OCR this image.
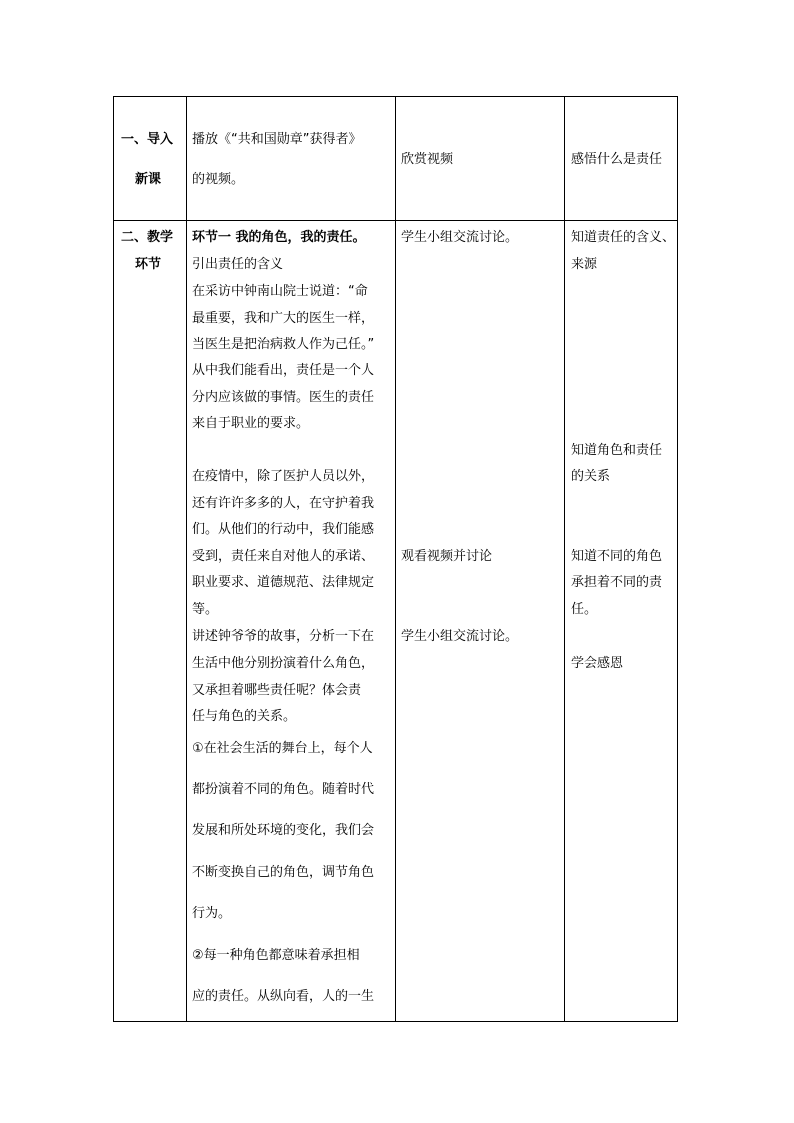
一、导入
新课
播放《“共和国勋章”获得者》
的视频。
欣赏视频	感悟什么是责任
二、教学
环节
环节一 我的角色，我的责任。
引出责任的含义
在采访中钟南山院士说道：“命
最重要，我和广大的医生一样，
当医生是把治病救人作为己任。”
从中我们能看出，责任是一个人
分内应该做的事情。医生的责任
来自于职业的要求。
在疫情中，除了医护人员以外，
还有许许多多的人，在守护着我
们。从他们的行动中，我们能感
受到，责任来自对他人的承诺、
职业要求、道德规范、法律规定
等。
讲述钟爷爷的故事，分析一下在
生活中他分别扮演着什么角色，
又承担着哪些责任呢？体会责
任与角色的关系。
①在社会生活的舞台上，每个人
都扮演着不同的角色。随着时代
发展和所处环境的变化，我们会
不断变换自己的角色，调节角色
行为。
②每一种角色都意味着承担相
应的责任。从纵向看，人的一生
学生小组交流讨论。
观看视频并讨论
学生小组交流讨论。
知道责任的含义、
来源
知道角色和责任
的关系
知道不同的角色
承担着不同的责
任。
学会感恩
